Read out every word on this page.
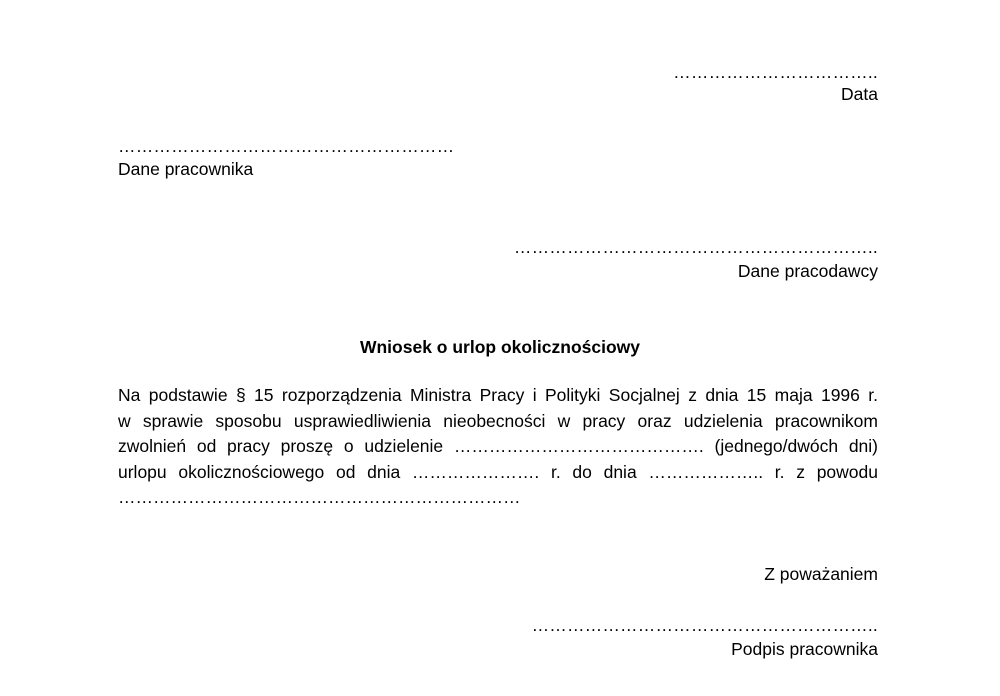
……………………………..
Data
…………………………………………………
Dane pracownika
……………………………………………………..
Dane pracodawcy
Wniosek o urlop okolicznościowy
Na podstawie § 15 rozporządzenia Ministra Pracy i Polityki Socjalnej z dnia 15 maja 1996 r.
w sprawie sposobu usprawiedliwienia nieobecności w pracy oraz udzielenia pracownikom
zwolnień od pracy proszę o udzielenie ……………………………………. (jednego/dwóch dni)
urlopu okolicznościowego od dnia …………………. r. do dnia ……………….. r. z powodu
……………………………………………………………
Z poważaniem
…………………………………………………..
Podpis pracownika
